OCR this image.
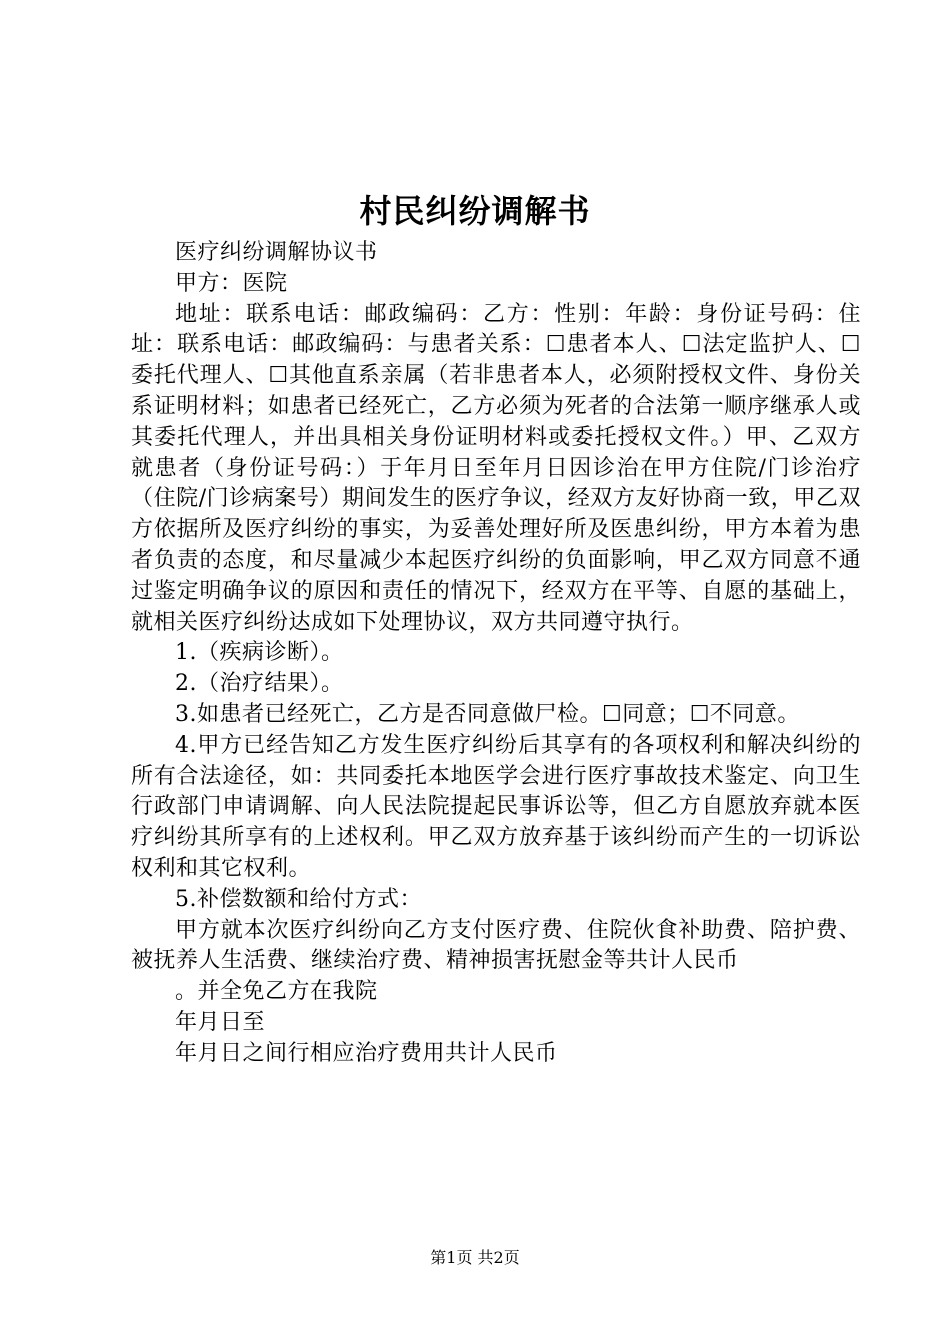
村民纠纷调解书

医疗纠纷调解协议书

甲方：医院

地址：联系电话：邮政编码：乙方：性别：年龄：身份证号码：住址：联系电话：邮政编码：与患者关系：☐患者本人、☐法定监护人、☐委托代理人、☐其他直系亲属（若非患者本人，必须附授权文件、身份关系证明材料；如患者已经死亡，乙方必须为死者的合法第一顺序继承人或其委托代理人，并出具相关身份证明材料或委托授权文件。）甲、乙双方就患者（身份证号码：）于年月日至年月日因诊治在甲方住院/门诊治疗（住院/门诊病案号）期间发生的医疗争议，经双方友好协商一致，甲乙双方依据所及医疗纠纷的事实，为妥善处理好所及医患纠纷，甲方本着为患者负责的态度，和尽量减少本起医疗纠纷的负面影响，甲乙双方同意不通过鉴定明确争议的原因和责任的情况下，经双方在平等、自愿的基础上，就相关医疗纠纷达成如下处理协议，双方共同遵守执行。

1.（疾病诊断）。

2.（治疗结果）。

3.如患者已经死亡，乙方是否同意做尸检。☐同意；☐不同意。

4.甲方已经告知乙方发生医疗纠纷后其享有的各项权利和解决纠纷的所有合法途径，如：共同委托本地医学会进行医疗事故技术鉴定、向卫生行政部门申请调解、向人民法院提起民事诉讼等，但乙方自愿放弃就本医疗纠纷其所享有的上述权利。甲乙双方放弃基于该纠纷而产生的一切诉讼权利和其它权利。

5.补偿数额和给付方式：

甲方就本次医疗纠纷向乙方支付医疗费、住院伙食补助费、陪护费、被抚养人生活费、继续治疗费、精神损害抚慰金等共计人民币

。并全免乙方在我院

年月日至

年月日之间行相应治疗费用共计人民币

第1页 共2页
